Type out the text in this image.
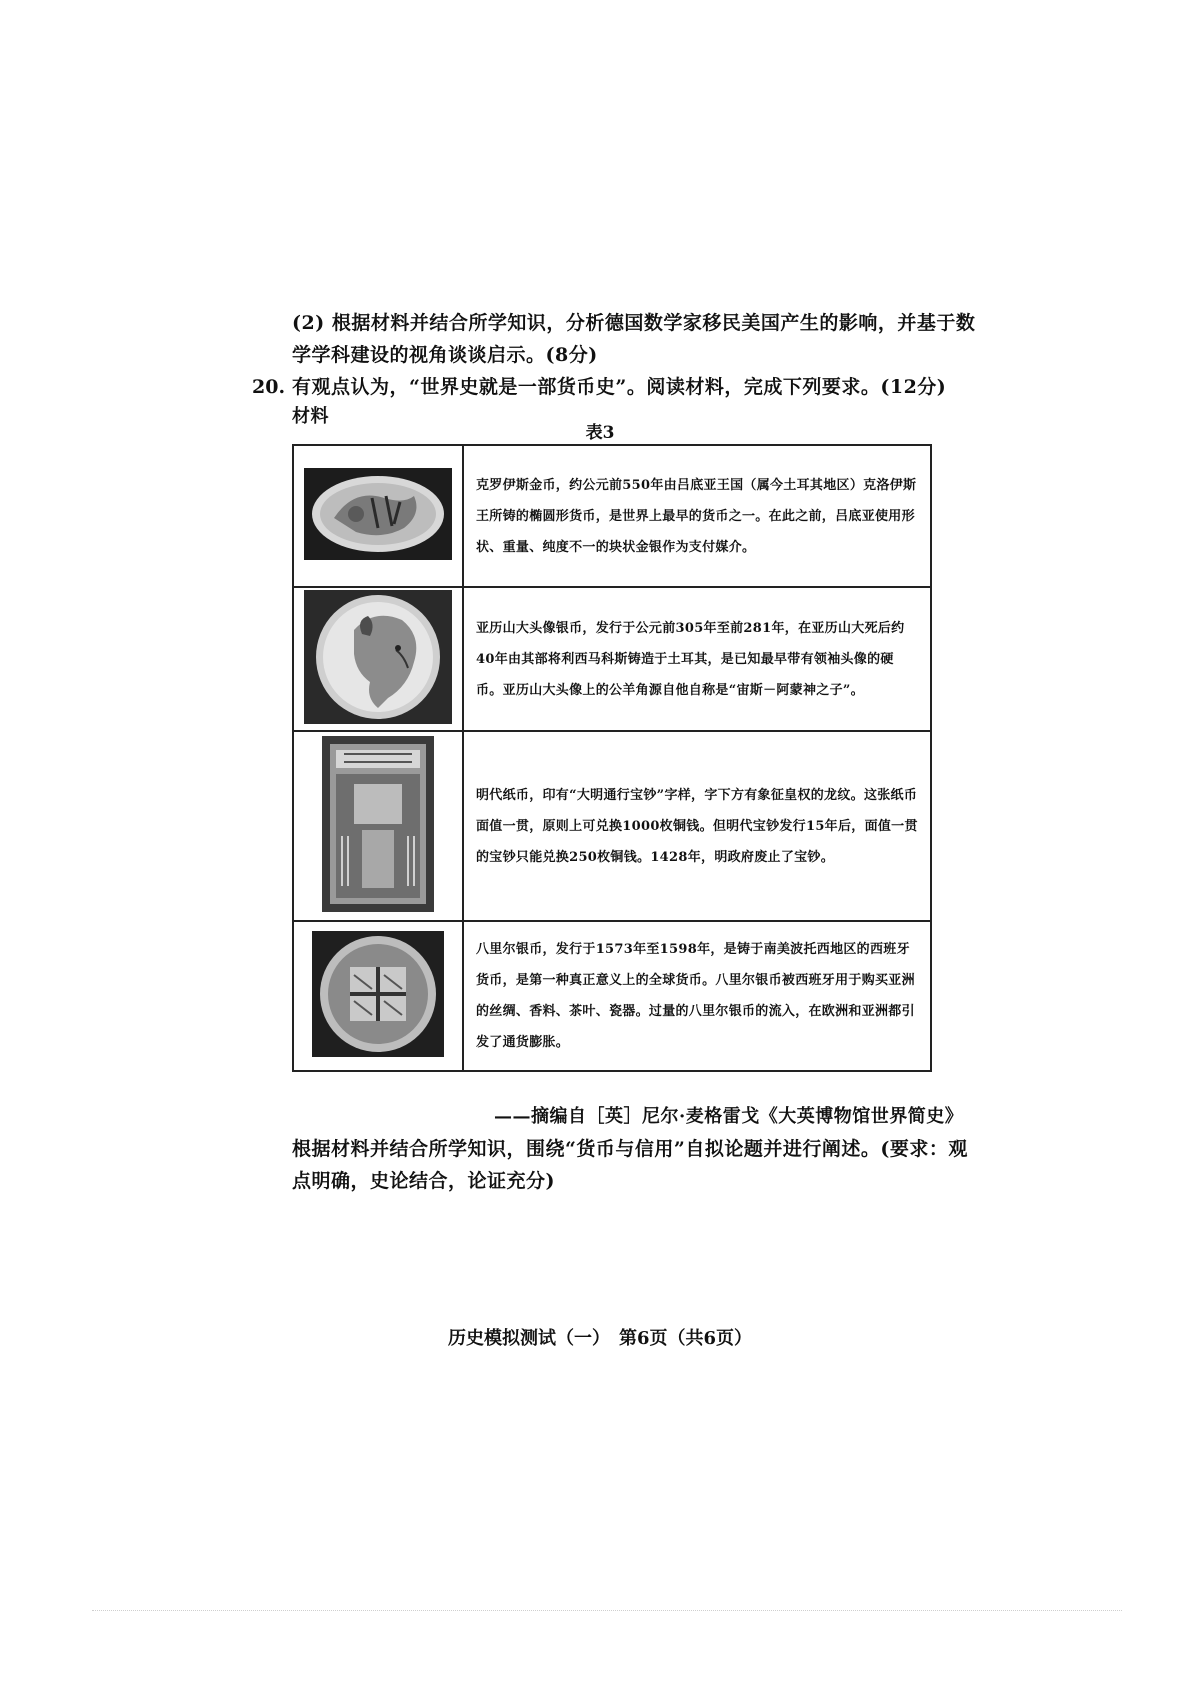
(2) 根据材料并结合所学知识，分析德国数学家移民美国产生的影响，并基于数
学学科建设的视角谈谈启示。(8分)
20. 有观点认为，“世界史就是一部货币史”。阅读材料，完成下列要求。(12分)
材料
表3
	克罗伊斯金币，约公元前550年由吕底亚王国（属今土耳其地区）克洛伊斯王所铸的椭圆形货币，是世界上最早的货币之一。在此之前，吕底亚使用形状、重量、纯度不一的块状金银作为支付媒介。
	亚历山大头像银币，发行于公元前305年至前281年，在亚历山大死后约40年由其部将利西马科斯铸造于土耳其，是已知最早带有领袖头像的硬币。亚历山大头像上的公羊角源自他自称是“宙斯－阿蒙神之子”。
	明代纸币，印有“大明通行宝钞”字样，字下方有象征皇权的龙纹。这张纸币面值一贯，原则上可兑换1000枚铜钱。但明代宝钞发行15年后，面值一贯的宝钞只能兑换250枚铜钱。1428年，明政府废止了宝钞。
	八里尔银币，发行于1573年至1598年，是铸于南美波托西地区的西班牙货币，是第一种真正意义上的全球货币。八里尔银币被西班牙用于购买亚洲的丝绸、香料、茶叶、瓷器。过量的八里尔银币的流入，在欧洲和亚洲都引发了通货膨胀。
——摘编自［英］尼尔·麦格雷戈《大英博物馆世界简史》
根据材料并结合所学知识，围绕“货币与信用”自拟论题并进行阐述。(要求：观
点明确，史论结合，论证充分)
历史模拟测试（一）　第6页（共6页）
